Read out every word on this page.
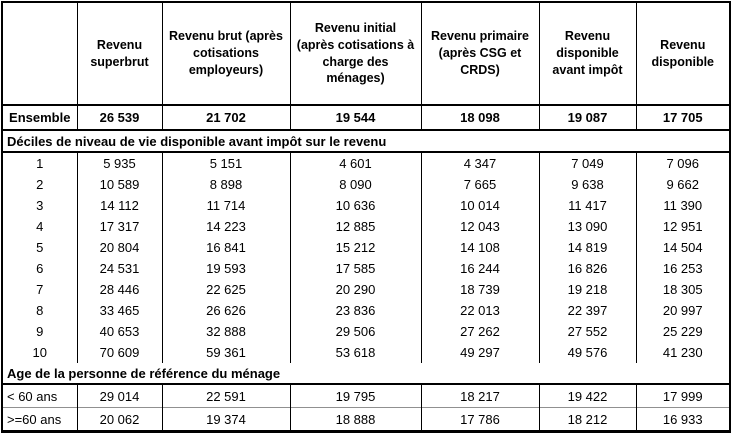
	Revenu superbrut	Revenu brut (après cotisations employeurs)	Revenu initial (après cotisations à charge des ménages)	Revenu primaire (après CSG et CRDS)	Revenu disponible avant impôt	Revenu disponible
Ensemble	26 539	21 702	19 544	18 098	19 087	17 705
Déciles de niveau de vie disponible avant impôt sur le revenu						
1	5 935	5 151	4 601	4 347	7 049	7 096
2	10 589	8 898	8 090	7 665	9 638	9 662
3	14 112	11 714	10 636	10 014	11 417	11 390
4	17 317	14 223	12 885	12 043	13 090	12 951
5	20 804	16 841	15 212	14 108	14 819	14 504
6	24 531	19 593	17 585	16 244	16 826	16 253
7	28 446	22 625	20 290	18 739	19 218	18 305
8	33 465	26 626	23 836	22 013	22 397	20 997
9	40 653	32 888	29 506	27 262	27 552	25 229
10	70 609	59 361	53 618	49 297	49 576	41 230
Age de la personne de référence du ménage						
< 60 ans	29 014	22 591	19 795	18 217	19 422	17 999
>=60 ans	20 062	19 374	18 888	17 786	18 212	16 933
